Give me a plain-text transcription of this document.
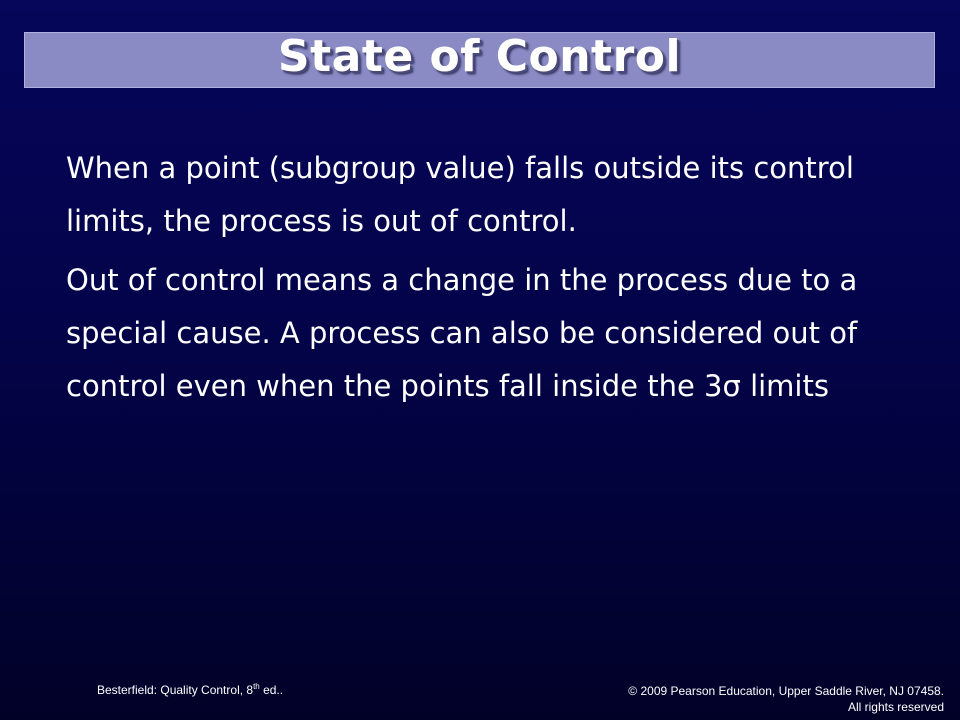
State of Control

When a point (subgroup value) falls outside its control limits, the process is out of control.

Out of control means a change in the process due to a special cause. A process can also be considered out of control even when the points fall inside the 3σ limits

Besterfield: Quality Control, 8th ed..	© 2009 Pearson Education, Upper Saddle River, NJ 07458.
All rights reserved
